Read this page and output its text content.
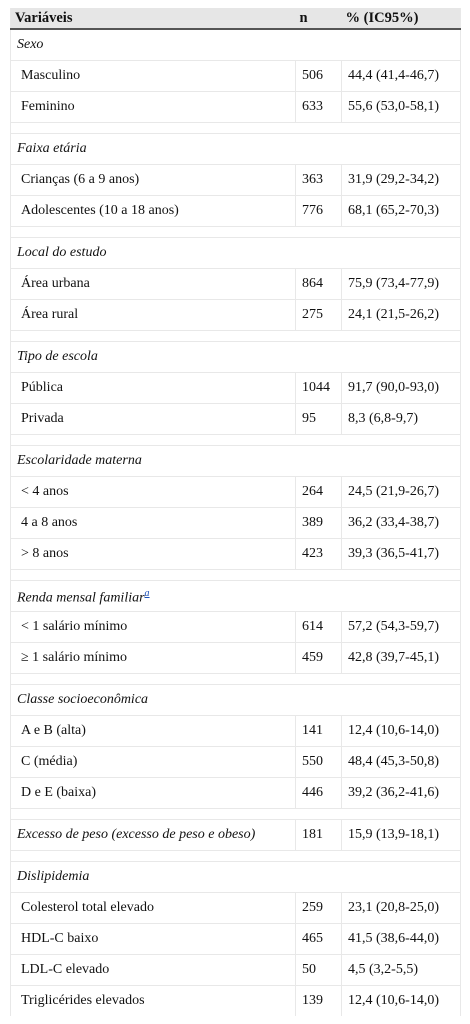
Variáveis	n	% (IC95%)
Sexo		
Masculino	506	44,4 (41,4-46,7)
Feminino	633	55,6 (53,0-58,1)

Faixa etária		
Crianças (6 a 9 anos)	363	31,9 (29,2-34,2)
Adolescentes (10 a 18 anos)	776	68,1 (65,2-70,3)

Local do estudo		
Área urbana	864	75,9 (73,4-77,9)
Área rural	275	24,1 (21,5-26,2)

Tipo de escola		
Pública	1044	91,7 (90,0-93,0)
Privada	95	8,3 (6,8-9,7)

Escolaridade materna		
< 4 anos	264	24,5 (21,9-26,7)
4 a 8 anos	389	36,2 (33,4-38,7)
> 8 anos	423	39,3 (36,5-41,7)

Renda mensal familiar$^a$
< 1 salário mínimo	614	57,2 (54,3-59,7)
≥ 1 salário mínimo	459	42,8 (39,7-45,1)

Classe socioeconômica		
A e B (alta)	141	12,4 (10,6-14,0)
C (média)	550	48,4 (45,3-50,8)
D e E (baixa)	446	39,2 (36,2-41,6)

Excesso de peso (excesso de peso e obeso)	181	15,9 (13,9-18,1)

Dislipidemia		
Colesterol total elevado	259	23,1 (20,8-25,0)
HDL-C baixo	465	41,5 (38,6-44,0)
LDL-C elevado	50	4,5 (3,2-5,5)
Triglicérides elevados	139	12,4 (10,6-14,0)
